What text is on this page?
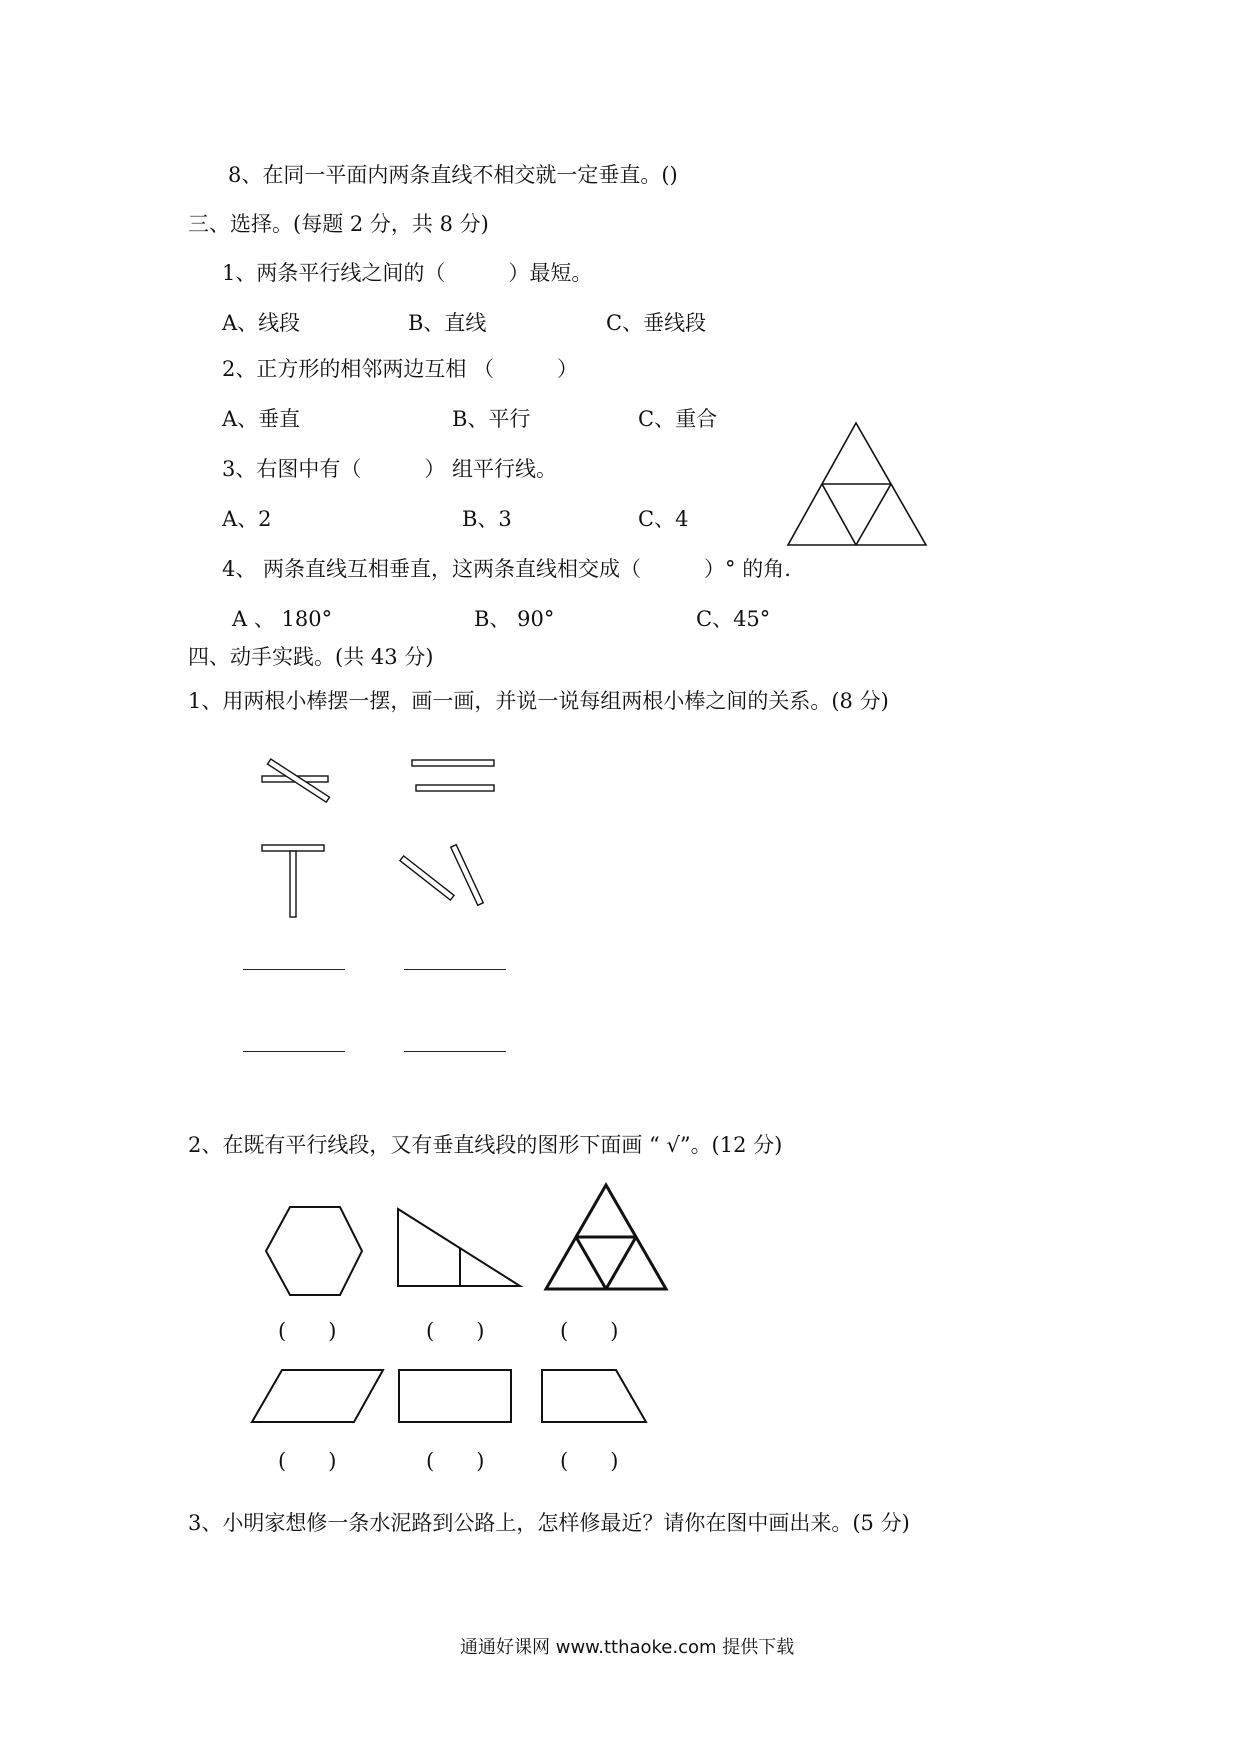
8、在同一平面内两条直线不相交就一定垂直。()
三、选择。(每题 2 分，共 8 分)
1、两条平行线之间的（　　　）最短。
A、线段	B、直线	C、垂线段
2、正方形的相邻两边互相 （　　　）
A、垂直	B、平行	C、重合
3、右图中有（　　　） 组平行线。
A、2	B、3	C、4
4、 两条直线互相垂直，这两条直线相交成（　　　）° 的角.
A 、 180°	B、 90°	C、45°
四、动手实践。(共 43 分)
1、用两根小棒摆一摆，画一画，并说一说每组两根小棒之间的关系。(8 分)
2、在既有平行线段，又有垂直线段的图形下面画 “ √”。(12 分)
(　　)	(　　)	(　　)
(　　)	(　　)	(　　)
3、小明家想修一条水泥路到公路上，怎样修最近？请你在图中画出来。(5 分)
通通好课网 www.tthaoke.com 提供下载
